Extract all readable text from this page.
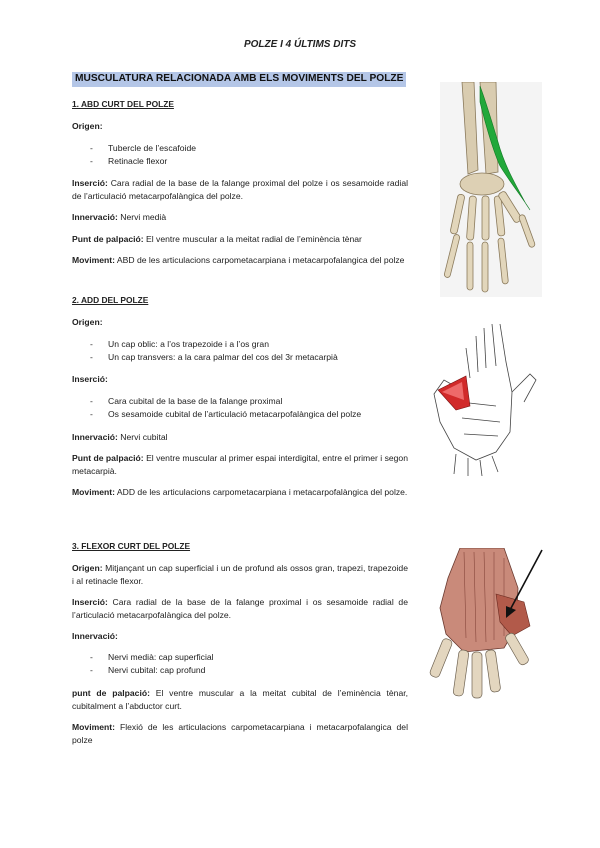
POLZE I 4 ÚLTIMS DITS
MUSCULATURA RELACIONADA AMB ELS MOVIMENTS DEL POLZE

1. ABD CURT DEL POLZE

Origen:

- Tubercle de l’escafoide
- Retinacle flexor

Inserció: Cara radial de la base de la falange proximal del polze i os sesamoide radial de l’articulació metacarpofalàngica del polze.

Innervació: Nervi medià

Punt de palpació: El ventre muscular a la meitat radial de l’eminència tènar

Moviment: ABD de les articulacions carpometacarpiana i metacarpofalangica del polze

2. ADD DEL POLZE

Origen:

- Un cap oblic: a l’os trapezoide i a l’os gran
- Un cap transvers: a la cara palmar del cos del 3r metacarpià

Inserció:

- Cara cubital de la base de la falange proximal
- Os sesamoide cubital de l’articulació metacarpofalàngica del polze

Innervació: Nervi cubital

Punt de palpació: El ventre muscular al primer espai interdigital, entre el primer i segon metacarpià.

Moviment: ADD de les articulacions carpometacarpiana i metacarpofalàngica del polze.

3. FLEXOR CURT DEL POLZE

Origen: Mitjançant un cap superficial i un de profund als ossos gran, trapezi, trapezoide i al retinacle flexor.

Inserció: Cara radial de la base de la falange proximal i os sesamoide radial de l’articulació metacarpofalàngica del polze.

Innervació:

- Nervi medià: cap superficial
- Nervi cubital: cap profund

punt de palpació: El ventre muscular a la meitat cubital de l’eminència tènar, cubitalment a l’abductor curt.

Moviment: Flexió de les articulacions carpometacarpiana i metacarpofalangica del polze
